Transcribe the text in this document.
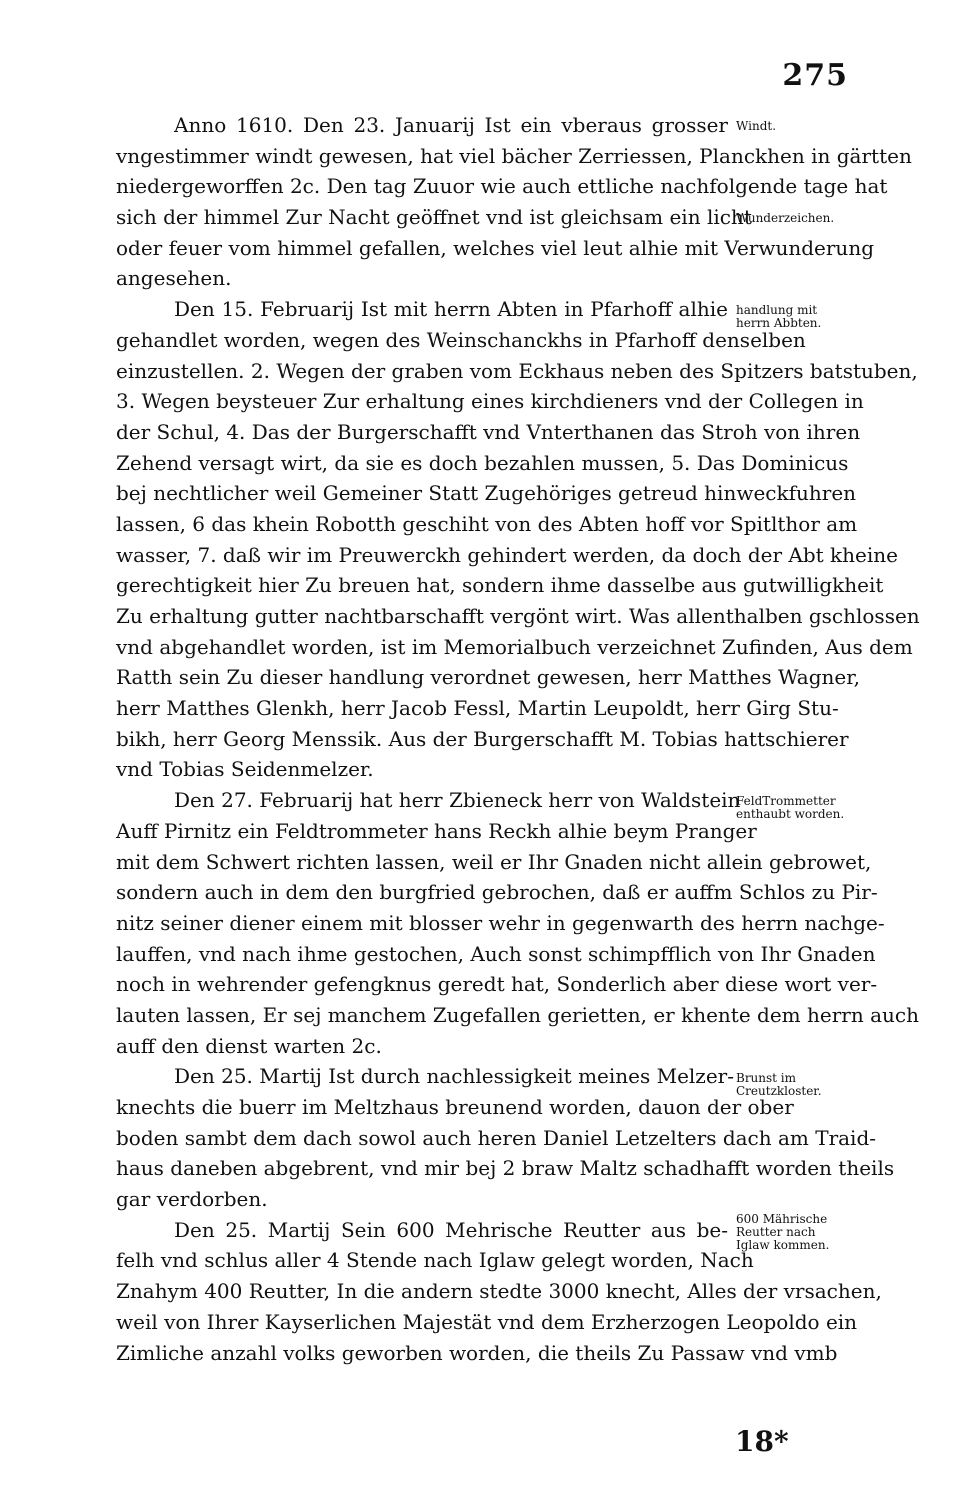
275
Anno 1610. Den 23. Januarij Ist ein vberaus grosser
vngestimmer windt gewesen, hat viel bächer Zerriessen, Planckhen in gärtten
niedergeworffen 2c. Den tag Zuuor wie auch ettliche nachfolgende tage hat
sich der himmel Zur Nacht geöffnet vnd ist gleichsam ein licht
oder feuer vom himmel gefallen, welches viel leut alhie mit Verwunderung
angesehen.
Den 15. Februarij Ist mit herrn Abten in Pfarhoff alhie
gehandlet worden, wegen des Weinschanckhs in Pfarhoff denselben
einzustellen. 2. Wegen der graben vom Eckhaus neben des Spitzers batstuben,
3. Wegen beysteuer Zur erhaltung eines kirchdieners vnd der Collegen in
der Schul, 4. Das der Burgerschafft vnd Vnterthanen das Stroh von ihren
Zehend versagt wirt, da sie es doch bezahlen mussen, 5. Das Dominicus
bej nechtlicher weil Gemeiner Statt Zugehöriges getreud hinweckfuhren
lassen, 6 das khein Robotth geschiht von des Abten hoff vor Spitlthor am
wasser, 7. daß wir im Preuwerckh gehindert werden, da doch der Abt kheine
gerechtigkeit hier Zu breuen hat, sondern ihme dasselbe aus gutwilligkheit
Zu erhaltung gutter nachtbarschafft vergönt wirt. Was allenthalben gschlossen
vnd abgehandlet worden, ist im Memorialbuch verzeichnet Zufinden, Aus dem
Ratth sein Zu dieser handlung verordnet gewesen, herr Matthes Wagner,
herr Matthes Glenkh, herr Jacob Fessl, Martin Leupoldt, herr Girg Stu-
bikh, herr Georg Menssik. Aus der Burgerschafft M. Tobias hattschierer
vnd Tobias Seidenmelzer.
Den 27. Februarij hat herr Zbieneck herr von Waldstein
Auff Pirnitz ein Feldtrommeter hans Reckh alhie beym Pranger
mit dem Schwert richten lassen, weil er Ihr Gnaden nicht allein gebrowet,
sondern auch in dem den burgfried gebrochen, daß er auffm Schlos zu Pir-
nitz seiner diener einem mit blosser wehr in gegenwarth des herrn nachge-
lauffen, vnd nach ihme gestochen, Auch sonst schimpfflich von Ihr Gnaden
noch in wehrender gefengknus geredt hat, Sonderlich aber diese wort ver-
lauten lassen, Er sej manchem Zugefallen gerietten, er khente dem herrn auch
auff den dienst warten 2c.
Den 25. Martij Ist durch nachlessigkeit meines Melzer-
knechts die buerr im Meltzhaus breunend worden, dauon der ober
boden sambt dem dach sowol auch heren Daniel Letzelters dach am Traid-
haus daneben abgebrent, vnd mir bej 2 braw Maltz schadhafft worden theils
gar verdorben.
Den 25. Martij Sein 600 Mehrische Reutter aus be-
felh vnd schlus aller 4 Stende nach Iglaw gelegt worden, Nach
Znahym 400 Reutter, In die andern stedte 3000 knecht, Alles der vrsachen,
weil von Ihrer Kayserlichen Majestät vnd dem Erzherzogen Leopoldo ein
Zimliche anzahl volks geworben worden, die theils Zu Passaw vnd vmb
Windt.
Wunderzeichen.
handlung mit
herrn Abbten.
FeldTrommetter
enthaubt worden.
Brunst im
Creutzkloster.
600 Mährische
Reutter nach
Iglaw kommen.
18*
